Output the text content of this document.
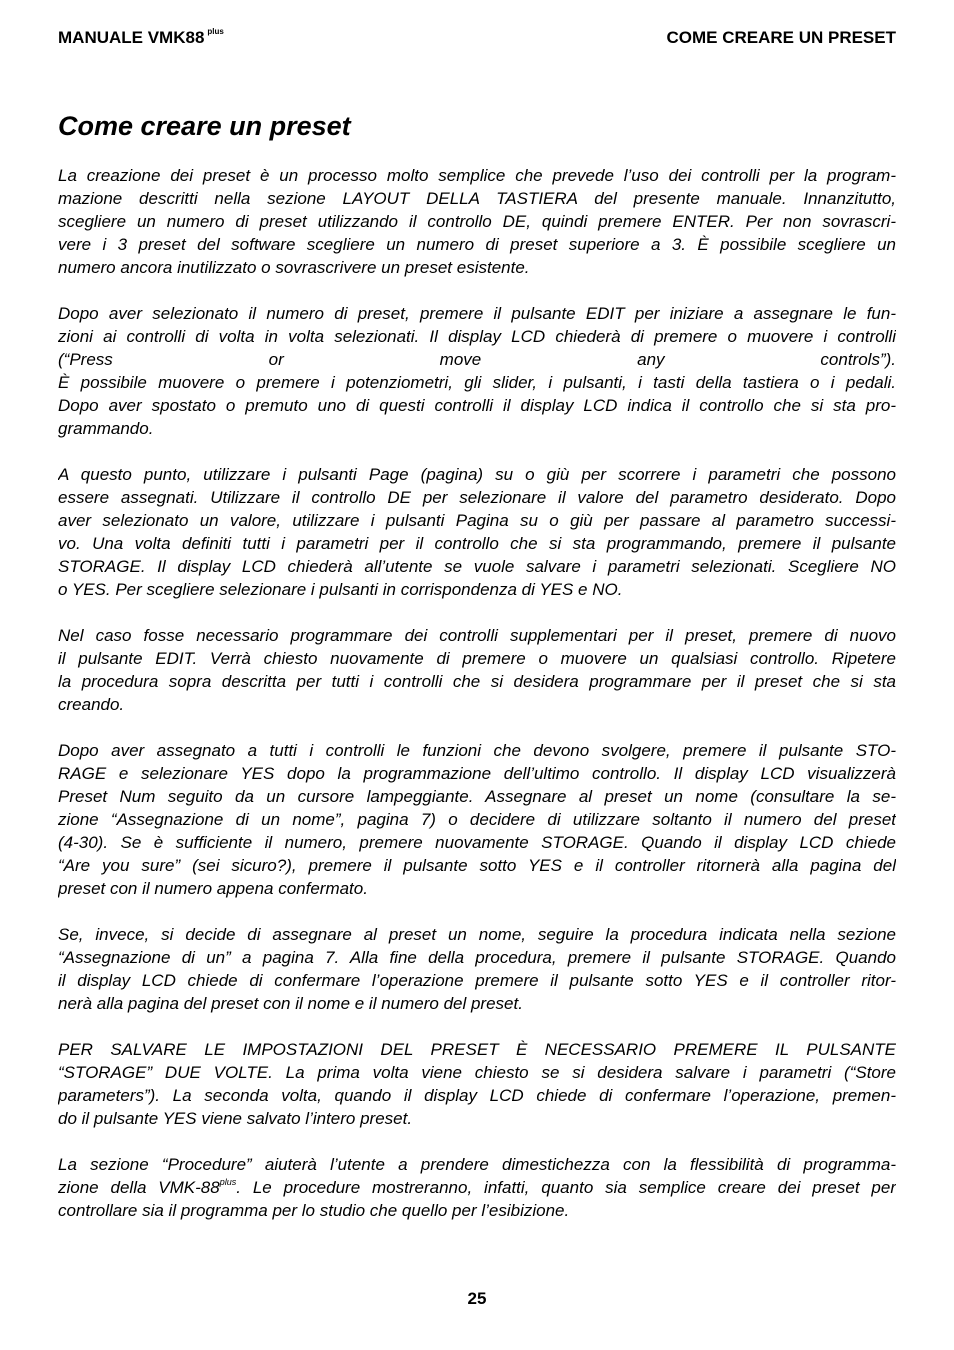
MANUALE VMK88 $^{plus}$	COME CREARE UN PRESET
Come creare un preset

La creazione dei preset è un processo molto semplice che prevede l’uso dei controlli per la program-
mazione descritti nella sezione LAYOUT DELLA TASTIERA del presente manuale. Innanzitutto,
scegliere un numero di preset utilizzando il controllo DE, quindi premere ENTER. Per non sovrascri-
vere i 3 preset del software scegliere un numero di preset superiore a 3. È possibile scegliere un
numero ancora inutilizzato o sovrascrivere un preset esistente.

Dopo aver selezionato il numero di preset, premere il pulsante EDIT per iniziare a assegnare le fun-
zioni ai controlli di volta in volta selezionati. Il display LCD chiederà di premere o muovere i controlli
(“Press or move any controls”).
È possibile muovere o premere i potenziometri, gli slider, i pulsanti, i tasti della tastiera o i pedali.
Dopo aver spostato o premuto uno di questi controlli il display LCD indica il controllo che si sta pro-
grammando.

A questo punto, utilizzare i pulsanti Page (pagina) su o giù per scorrere i parametri che possono
essere assegnati. Utilizzare il controllo DE per selezionare il valore del parametro desiderato. Dopo
aver selezionato un valore, utilizzare i pulsanti Pagina su o giù per passare al parametro successi-
vo. Una volta definiti tutti i parametri per il controllo che si sta programmando, premere il pulsante
STORAGE. Il display LCD chiederà all’utente se vuole salvare i parametri selezionati. Scegliere NO
o YES. Per scegliere selezionare i pulsanti in corrispondenza di YES e NO.

Nel caso fosse necessario programmare dei controlli supplementari per il preset, premere di nuovo
il pulsante EDIT. Verrà chiesto nuovamente di premere o muovere un qualsiasi controllo. Ripetere
la procedura sopra descritta per tutti i controlli che si desidera programmare per il preset che si sta
creando.

Dopo aver assegnato a tutti i controlli le funzioni che devono svolgere, premere il pulsante STO-
RAGE e selezionare YES dopo la programmazione dell’ultimo controllo. Il display LCD visualizzerà
Preset Num seguito da un cursore lampeggiante. Assegnare al preset un nome (consultare la se-
zione “Assegnazione di un nome”, pagina 7) o decidere di utilizzare soltanto il numero del preset
(4-30). Se è sufficiente il numero, premere nuovamente STORAGE. Quando il display LCD chiede
“Are you sure” (sei sicuro?), premere il pulsante sotto YES e il controller ritornerà alla pagina del
preset con il numero appena confermato.

Se, invece, si decide di assegnare al preset un nome, seguire la procedura indicata nella sezione
“Assegnazione di un” a pagina 7. Alla fine della procedura, premere il pulsante STORAGE. Quando
il display LCD chiede di confermare l’operazione premere il pulsante sotto YES e il controller ritor-
nerà alla pagina del preset con il nome e il numero del preset.

PER SALVARE LE IMPOSTAZIONI DEL PRESET È NECESSARIO PREMERE IL PULSANTE
“STORAGE” DUE VOLTE. La prima volta viene chiesto se si desidera salvare i parametri (“Store
parameters”). La seconda volta, quando il display LCD chiede di confermare l’operazione, premen-
do il pulsante YES viene salvato l’intero preset.

La sezione “Procedure” aiuterà l’utente a prendere dimestichezza con la flessibilità di programma-
zione della VMK-$88^{plus}$. Le procedure mostreranno, infatti, quanto sia semplice creare dei preset per
controllare sia il programma per lo studio che quello per l’esibizione.

25
